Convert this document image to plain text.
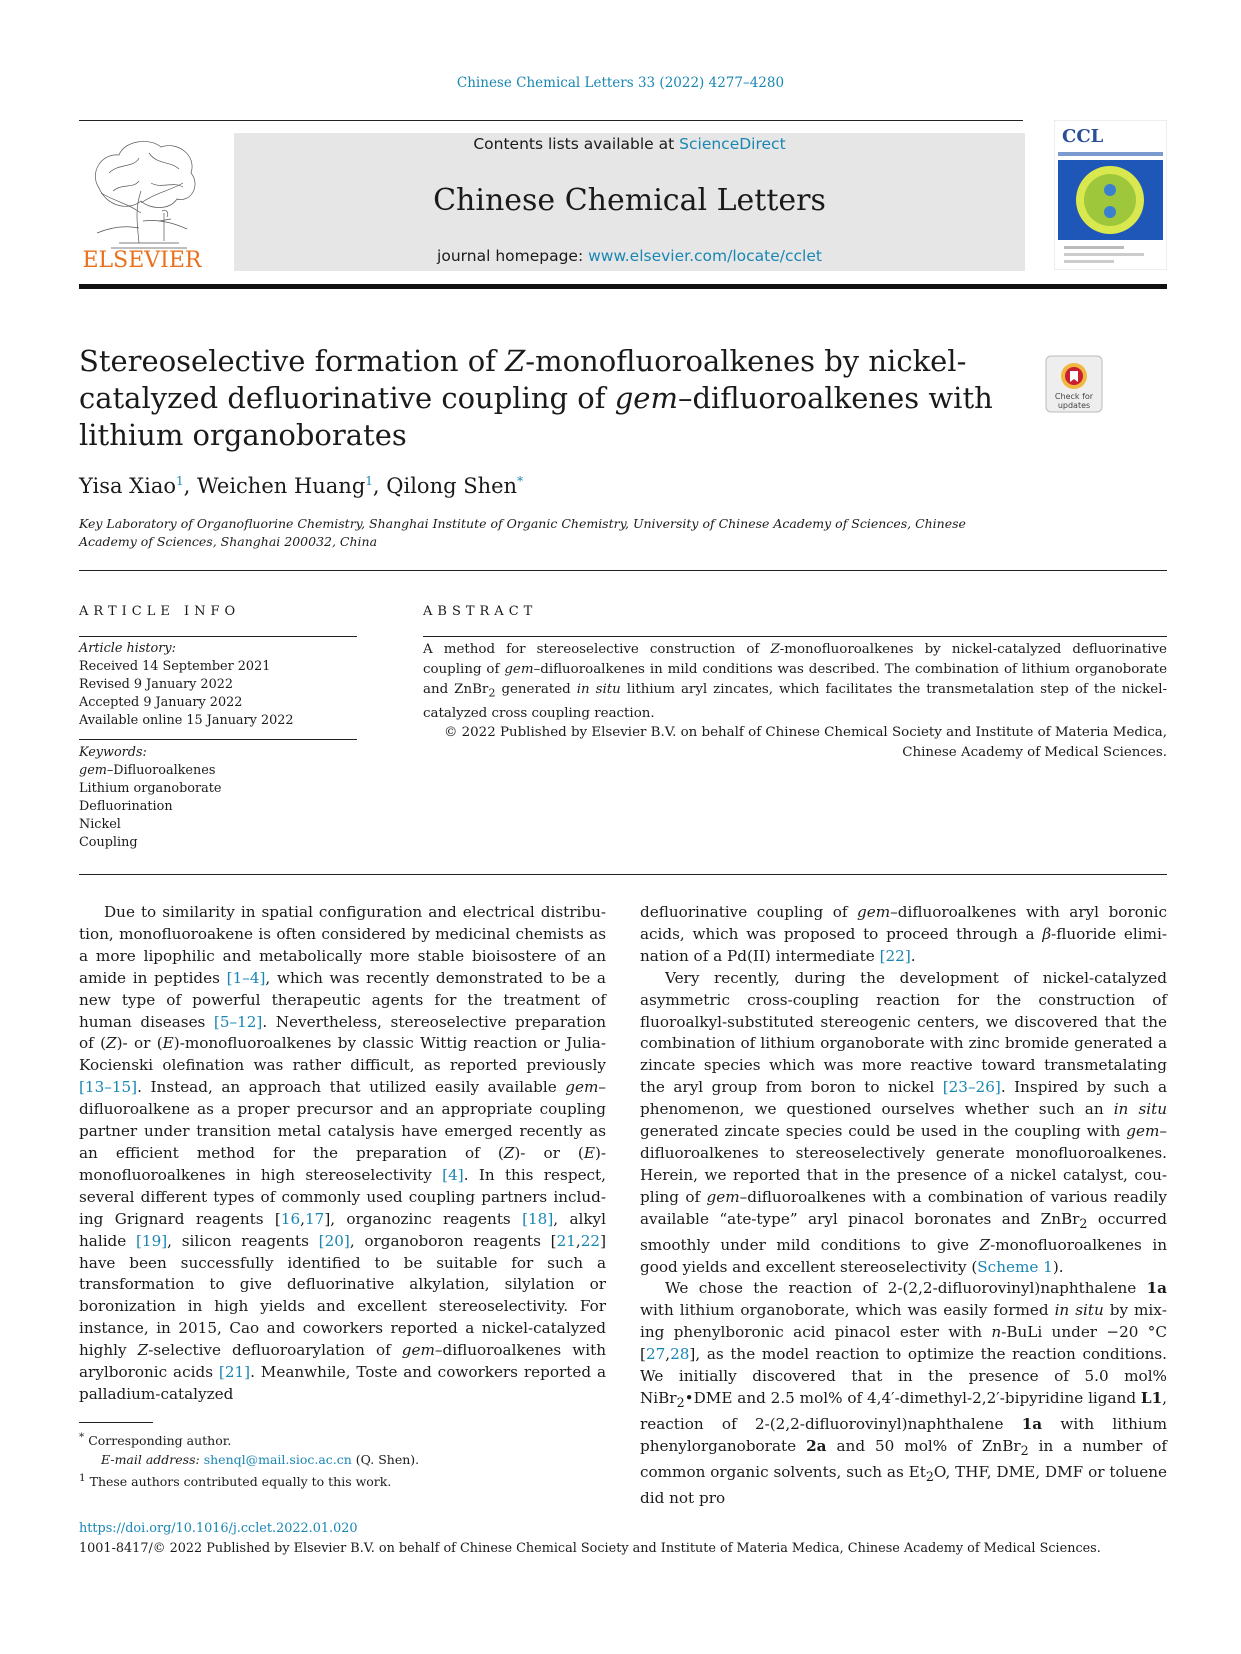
Chinese Chemical Letters 33 (2022) 4277–4280
ELSEVIER
Contents lists available at ScienceDirect
Chinese Chemical Letters
journal homepage: www.elsevier.com/locate/cclet
CCL
Stereoselective formation of Z-monofluoroalkenes by nickel-catalyzed defluorinative coupling of gem–difluoroalkenes with lithium organoborates
Check for
updates
Yisa Xiao$^1$, Weichen Huang$^1$, Qilong Shen*
Key Laboratory of Organofluorine Chemistry, Shanghai Institute of Organic Chemistry, University of Chinese Academy of Sciences, Chinese Academy of Sciences, Shanghai 200032, China
ARTICLE INFO
Article history:
Received 14 September 2021
Revised 9 January 2022
Accepted 9 January 2022
Available online 15 January 2022
Keywords:
gem–Difluoroalkenes
Lithium organoborate
Defluorination
Nickel
Coupling
ABSTRACT
A method for stereoselective construction of Z-monofluoroalkenes by nickel-catalyzed defluorinative coupling of gem–difluoroalkenes in mild conditions was described. The combination of lithium organoborate and ZnBr$_2$ generated in situ lithium aryl zincates, which facilitates the transmetalation step of the nickel-catalyzed cross coupling reaction.
© 2022 Published by Elsevier B.V. on behalf of Chinese Chemical Society and Institute of Materia Medica, Chinese Academy of Medical Sciences.

Due to similarity in spatial configuration and electrical distribution, monofluoroakene is often considered by medicinal chemists as a more lipophilic and metabolically more stable bioisostere of an amide in peptides [1–4], which was recently demonstrated to be a new type of powerful therapeutic agents for the treatment of human diseases [5–12]. Nevertheless, stereoselective preparation of (Z)- or (E)-monofluoroalkenes by classic Wittig reaction or Julia-Kocienski olefination was rather difficult, as reported previously [13–15]. Instead, an approach that utilized easily available gem–difluoroalkene as a proper precursor and an appropriate coupling partner under transition metal catalysis have emerged recently as an efficient method for the preparation of (Z)- or (E)-monofluoroalkenes in high stereoselectivity [4]. In this respect, several different types of commonly used coupling partners including Grignard reagents [16,17], organozinc reagents [18], alkyl halide [19], silicon reagents [20], organoboron reagents [21,22] have been successfully identified to be suitable for such a transformation to give defluorinative alkylation, silylation or boronization in high yields and excellent stereoselectivity. For instance, in 2015, Cao and coworkers reported a nickel-catalyzed highly Z-selective defluoroarylation of gem–difluoroalkenes with arylboronic acids [21]. Meanwhile, Toste and coworkers reported a palladium-catalyzed

defluorinative coupling of gem–difluoroalkenes with aryl boronic acids, which was proposed to proceed through a β-fluoride elimination of a Pd(II) intermediate [22].

Very recently, during the development of nickel-catalyzed asymmetric cross-coupling reaction for the construction of fluoroalkyl-substituted stereogenic centers, we discovered that the combination of lithium organoborate with zinc bromide generated a zincate species which was more reactive toward transmetalating the aryl group from boron to nickel [23–26]. Inspired by such a phenomenon, we questioned ourselves whether such an in situ generated zincate species could be used in the coupling with gem–difluoroalkenes to stereoselectively generate monofluoroalkenes. Herein, we reported that in the presence of a nickel catalyst, coupling of gem–difluoroalkenes with a combination of various readily available “ate-type” aryl pinacol boronates and ZnBr$_2$ occurred smoothly under mild conditions to give Z-monofluoroalkenes in good yields and excellent stereoselectivity (Scheme 1).

We chose the reaction of 2-(2,2-difluorovinyl)naphthalene 1a with lithium organoborate, which was easily formed in situ by mixing phenylboronic acid pinacol ester with n-BuLi under −20 °C [27,28], as the model reaction to optimize the reaction conditions. We initially discovered that in the presence of 5.0 mol% NiBr$_2$•DME and 2.5 mol% of 4,4′-dimethyl-2,2′-bipyridine ligand L1, reaction of 2-(2,2-difluorovinyl)naphthalene 1a with lithium phenylorganoborate 2a and 50 mol% of ZnBr$_2$ in a number of common organic solvents, such as $Et_2O$, THF, DME, DMF or toluene did not pro

* Corresponding author.
E-mail address: shenql@mail.sioc.ac.cn (Q. Shen).
$^1$ These authors contributed equally to this work.
https://doi.org/10.1016/j.cclet.2022.01.020
1001-8417/© 2022 Published by Elsevier B.V. on behalf of Chinese Chemical Society and Institute of Materia Medica, Chinese Academy of Medical Sciences.
